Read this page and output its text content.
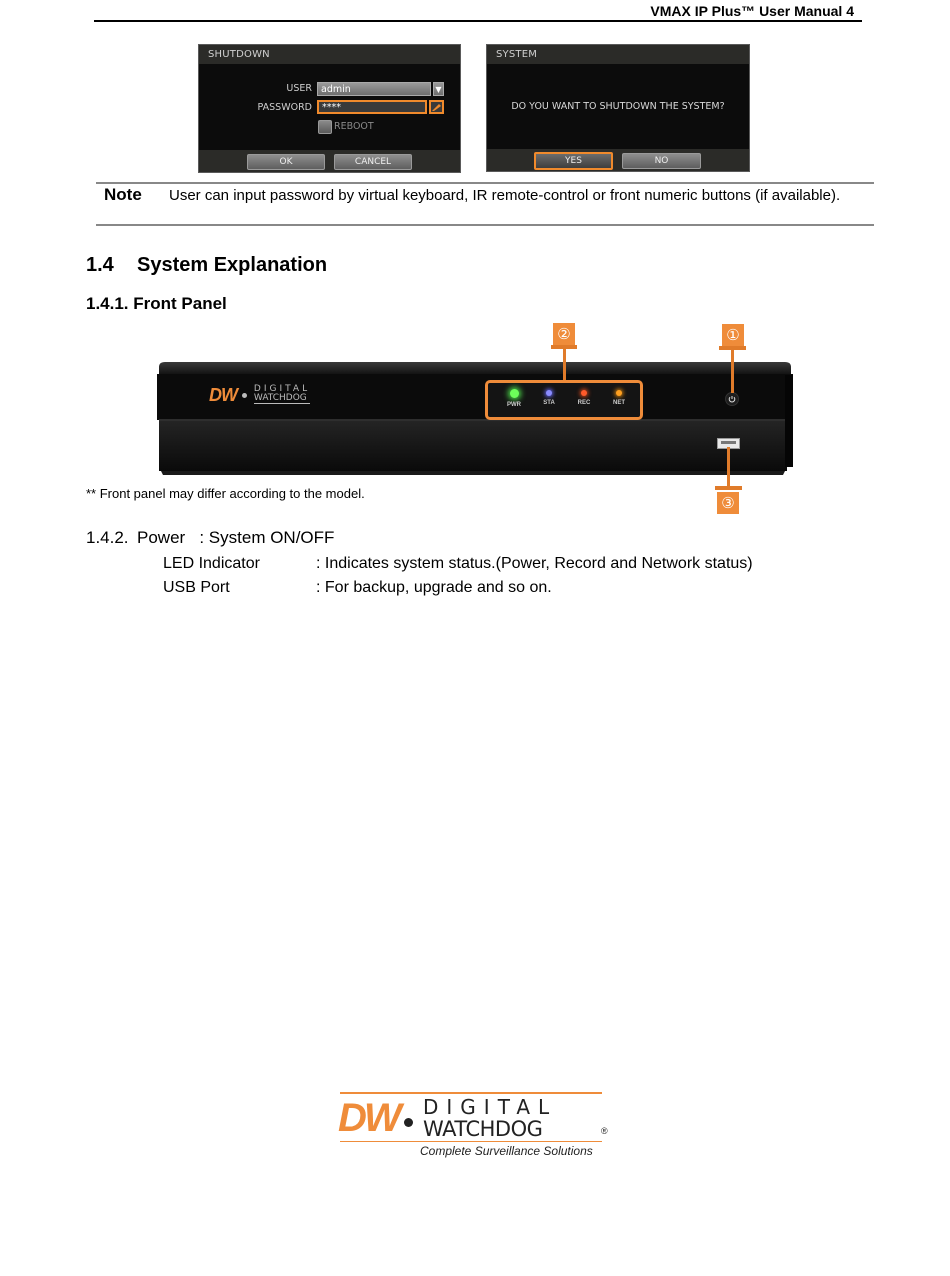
VMAX IP Plus™ User Manual 4
SHUTDOWN
USER admin	▼
PASSWORD	****
REBOOT
OK	CANCEL
SYSTEM
DO YOU WANT TO SHUTDOWN THE SYSTEM?
YES	NO
Note User can input password by virtual keyboard, IR remote-control or front numeric buttons (if available).
1.4 System Explanation
1.4.1. Front Panel
DW DIGITAL
WATCHDOG
PWR	STA	REC	NET
②	①
③
** Front panel may differ according to the model.
1.4.2. Power   : System ON/OFF
LED Indicator	: Indicates system status.(Power, Record and Network status)
USB Port	: For backup, upgrade and so on.
DW DIGITAL
WATCHDOG	®
Complete Surveillance Solutions
